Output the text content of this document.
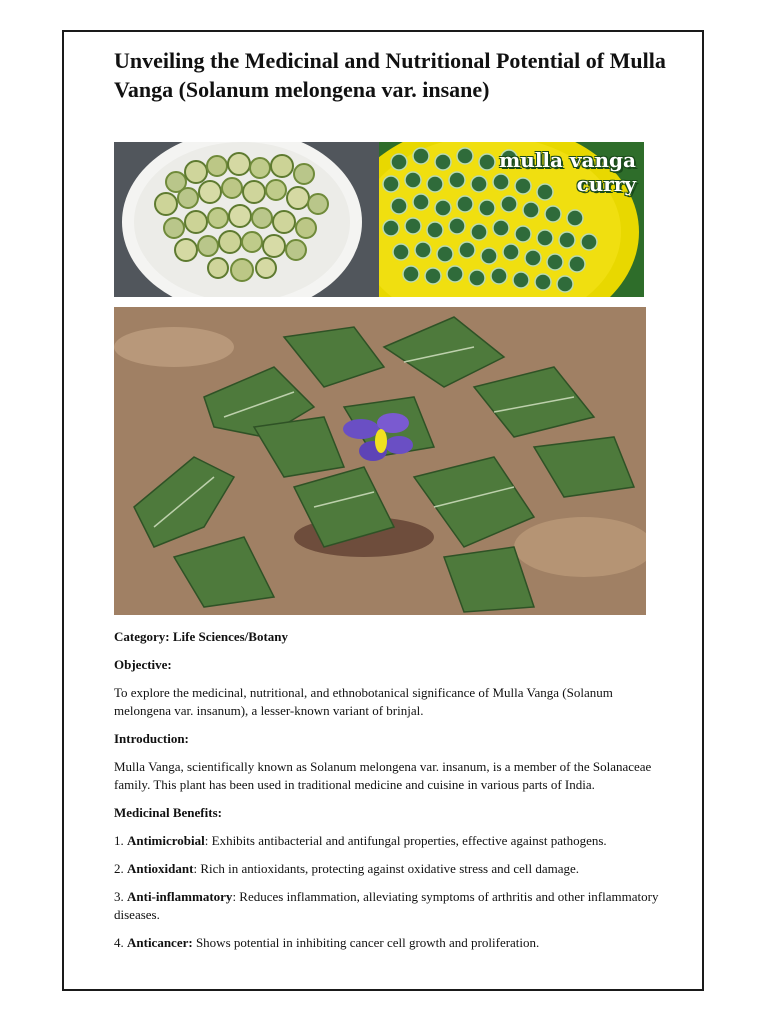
Unveiling the Medicinal and Nutritional Potential of Mulla Vanga (Solanum melongena var. insane)
mulla vanga
curry

Category: Life Sciences/Botany

Objective:

To explore the medicinal, nutritional, and ethnobotanical significance of Mulla Vanga (Solanum melongena var. insanum), a lesser-known variant of brinjal.

Introduction:

Mulla Vanga, scientifically known as Solanum melongena var. insanum, is a member of the Solanaceae family. This plant has been used in traditional medicine and cuisine in various parts of India.

Medicinal Benefits:

1. Antimicrobial: Exhibits antibacterial and antifungal properties, effective against pathogens.

2. Antioxidant: Rich in antioxidants, protecting against oxidative stress and cell damage.

3. Anti-inflammatory: Reduces inflammation, alleviating symptoms of arthritis and other inflammatory diseases.

4. Anticancer: Shows potential in inhibiting cancer cell growth and proliferation.
